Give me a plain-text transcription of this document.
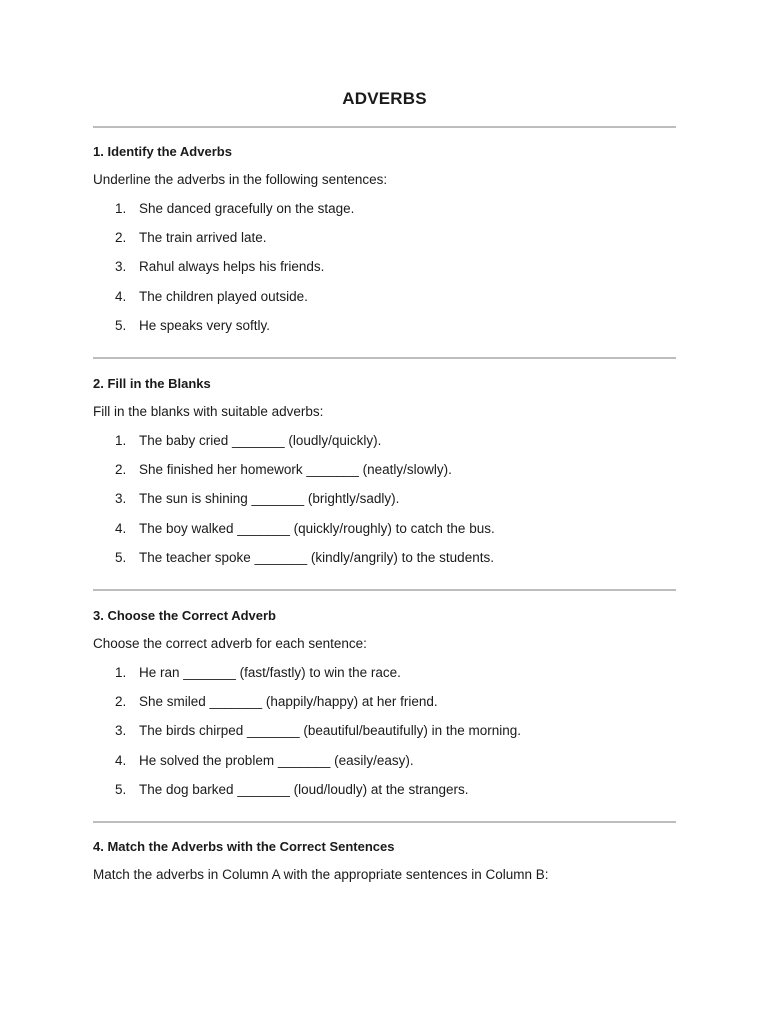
ADVERBS
1. Identify the Adverbs

Underline the adverbs in the following sentences:

1. She danced gracefully on the stage.
2. The train arrived late.
3. Rahul always helps his friends.
4. The children played outside.
5. He speaks very softly.
2. Fill in the Blanks

Fill in the blanks with suitable adverbs:

1. The baby cried _______ (loudly/quickly).
2. She finished her homework _______ (neatly/slowly).
3. The sun is shining _______ (brightly/sadly).
4. The boy walked _______ (quickly/roughly) to catch the bus.
5. The teacher spoke _______ (kindly/angrily) to the students.
3. Choose the Correct Adverb

Choose the correct adverb for each sentence:

1. He ran _______ (fast/fastly) to win the race.
2. She smiled _______ (happily/happy) at her friend.
3. The birds chirped _______ (beautiful/beautifully) in the morning.
4. He solved the problem _______ (easily/easy).
5. The dog barked _______ (loud/loudly) at the strangers.
4. Match the Adverbs with the Correct Sentences

Match the adverbs in Column A with the appropriate sentences in Column B:
